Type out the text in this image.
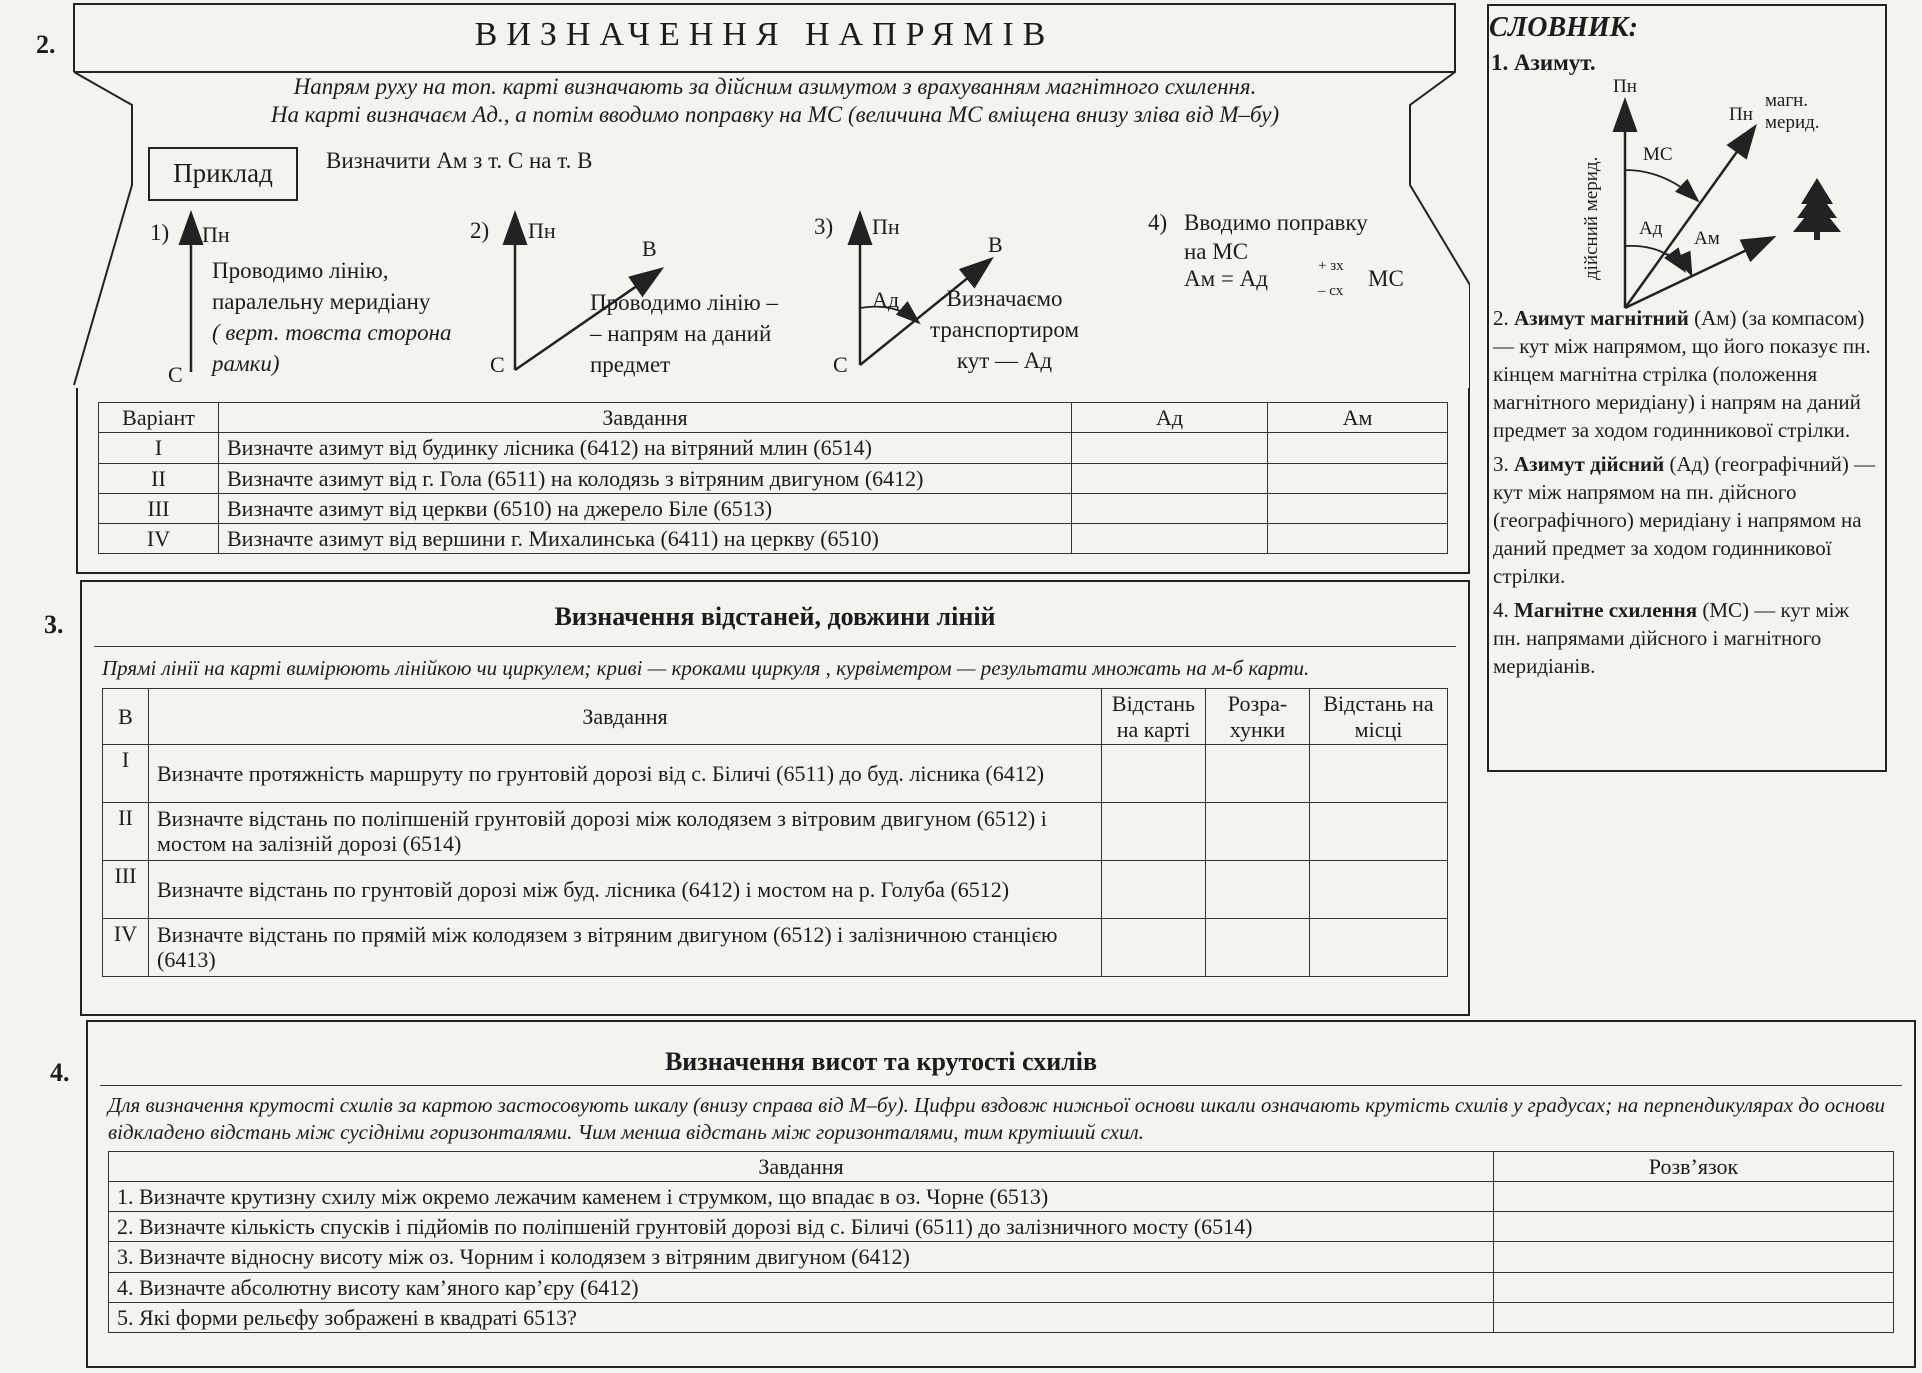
2.	ВИЗНАЧЕННЯ НАПРЯМІВ
Напрям руху на топ. карті визначають за дійсним азимутом з врахуванням магнітного схилення.
На карті визначаєм Ад., а потім вводимо поправку на МС (величина МС вміщена внизу зліва від М–бу)
Приклад	Визначити Ам з т. С на т. В
1) Пн
Проводимо лінію,
паралельну меридіану
( верт. товста сторона
рамки)
С
2) Пн
В
Проводимо лінію –
– напрям на даний
предмет
С
3) Пн
В
Ад	Визначаємо
транспортиром
кут — Ад
С
4) Вводимо поправку
на МС
Ам = Ад	+ зх
– сх МС
Варіант	Завдання	Ад	Ам
I	Визначте азимут від будинку лісника (6412) на вітряний млин (6514)		
II	Визначте азимут від г. Гола (6511) на колодязь з вітряним двигуном (6412)		
III	Визначте азимут від церкви (6510) на джерело Біле (6513)		
IV	Визначте азимут від вершини г. Михалинська (6411) на церкву (6510)		
3.	Визначення відстаней, довжини ліній
Прямі лінії на карті вимірюють лінійкою чи циркулем; криві — кроками циркуля , курвіметром — результати множать на м-б карти.
В	Завдання	Відстань на карті	Розра- хунки	Відстань на місці
I	Визначте протяжність маршруту по грунтовій дорозі від с. Біличі (6511) до буд. лісника (6412)			
II	Визначте відстань по поліпшеній грунтовій дорозі між колодязем з вітровим двигуном (6512) і мостом на залізній дорозі (6514)			
III	Визначте відстань по грунтовій дорозі між буд. лісника (6412) і мостом на р. Голуба (6512)			
IV	Визначте відстань по прямій між колодязем з вітряним двигуном (6512) і залізничною станцією (6413)			
4.	Визначення висот та крутості схилів
Для визначення крутості схилів за картою застосовують шкалу (внизу справа від М–бу). Цифри вздовж нижньої основи шкали означають крутість схилів у градусах; на перпендикулярах до основи відкладено відстань між сусідніми горизонталями. Чим менша відстань між горизонталями, тим крутіший схил.
Завдання	Розв’язок
1. Визначте крутизну схилу між окремо лежачим каменем і струмком, що впадає в оз. Чорне (6513)	
2. Визначте кількість спусків і підйомів по поліпшеній грунтовій дорозі від с. Біличі (6511) до залізничного мосту (6514)	
3. Визначте відносну висоту між оз. Чорним і колодязем з вітряним двигуном (6412)	
4. Визначте абсолютну висоту кам’яного кар’єру (6412)	
5. Які форми рельєфу зображені в квадраті 6513?	
СЛОВНИК:
1. Азимут.
Пн
Пн
магн. мерид.
дійсний мерид.
МС
Ад Ам

2. Азимут магнітний (Ам) (за компасом) — кут між напрямом, що його показує пн. кінцем магнітна стрілка (положення магнітного меридіану) і напрям на даний предмет за ходом годинникової стрілки.

3. Азимут дійсний (Ад) (географічний) — кут між напрямом на пн. дійсного (географічного) меридіану і напрямом на даний предмет за ходом годинникової стрілки.

4. Магнітне схилення (МС) — кут між пн. напрямами дійсного і магнітного меридіанів.
